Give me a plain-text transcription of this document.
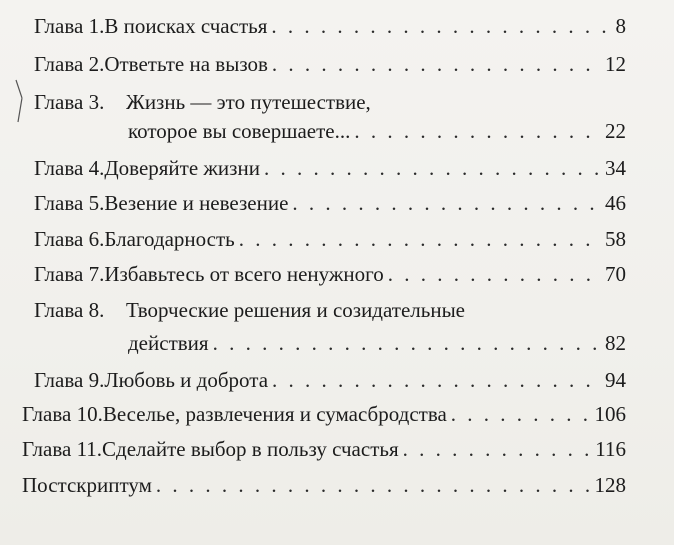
Глава 1. В поисках счастья . . .	8
Глава 2. Ответьте на вызов . . .	12
Глава 3.	Жизнь — это путешествие,
которое вы совершаете... . . .	22
Глава 4. Доверяйте жизни . . .	34
Глава 5. Везение и невезение . . .	46
Глава 6. Благодарность . . .	58
Глава 7. Избавьтесь от всего ненужного . . .	70
Глава 8.	Творческие решения и созидательные
действия . . .	82
Глава 9. Любовь и доброта . . .	94
Глава 10. Веселье, развлечения и сумасбродства . . .	106
Глава 11. Сделайте выбор в пользу счастья . . .	116
Постскриптум . . .	128
